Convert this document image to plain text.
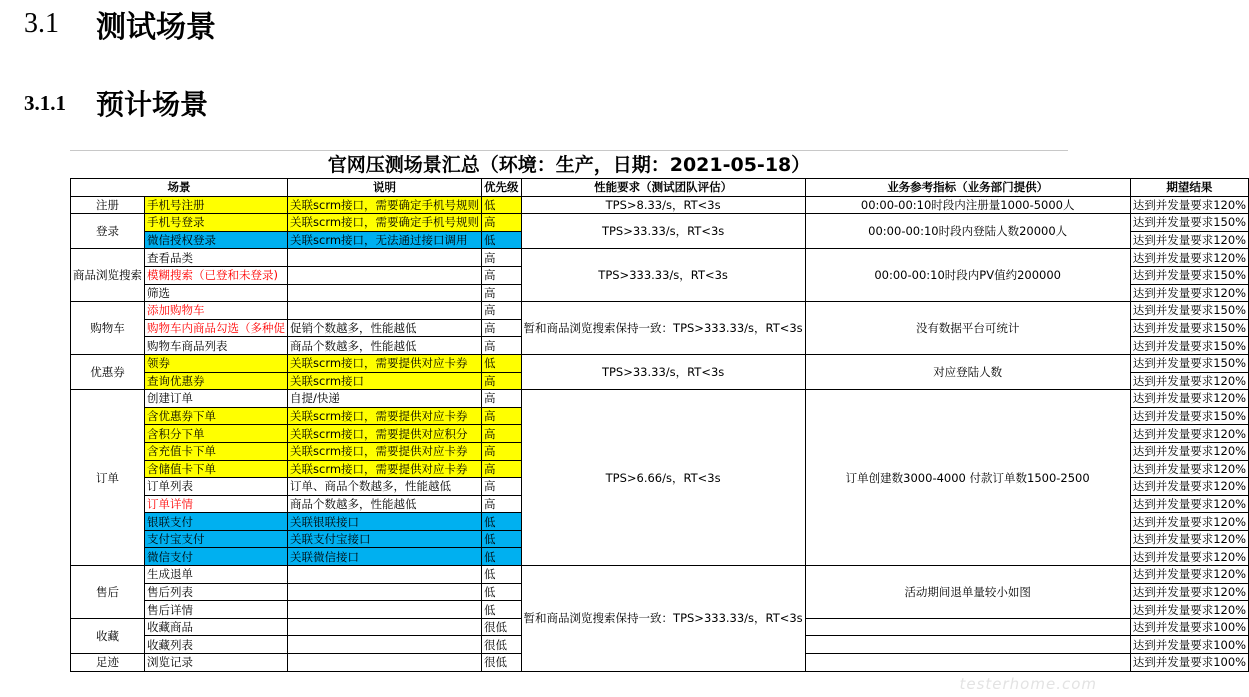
3.1	测试场景
3.1.1	预计场景
官网压测场景汇总（环境：生产，日期：2021-05-18）
场景		说明	优先级	性能要求（测试团队评估）	业务参考指标（业务部门提供）	期望结果
注册	手机号注册	关联scrm接口，需要确定手机号规则	低	TPS>8.33/s，RT<3s	00:00-00:10时段内注册量1000-5000人	达到并发量要求120%
登录	手机号登录	关联scrm接口，需要确定手机号规则	高	TPS>33.33/s，RT<3s	00:00-00:10时段内登陆人数20000人	达到并发量要求150%
	微信授权登录	关联scrm接口，无法通过接口调用	低			达到并发量要求120%
商品浏览搜索	查看品类		高	TPS>333.33/s，RT<3s	00:00-00:10时段内PV值约200000	达到并发量要求120%
	模糊搜索（已登和未登录)		高			达到并发量要求150%
	筛选		高			达到并发量要求120%
购物车	添加购物车		高	暂和商品浏览搜索保持一致：TPS>333.33/s，RT<3s	没有数据平台可统计	达到并发量要求150%
	购物车内商品勾选（多种促	促销个数越多，性能越低	高			达到并发量要求150%
	购物车商品列表	商品个数越多，性能越低	高			达到并发量要求150%
优惠券	领券	关联scrm接口，需要提供对应卡券	低	TPS>33.33/s，RT<3s	对应登陆人数	达到并发量要求150%
	查询优惠券	关联scrm接口	高			达到并发量要求120%
订单	创建订单	自提/快递	高	TPS>6.66/s，RT<3s	订单创建数3000-4000 付款订单数1500-2500	达到并发量要求120%
	含优惠券下单	关联scrm接口，需要提供对应卡券	高			达到并发量要求150%
	含积分下单	关联scrm接口，需要提供对应积分	高			达到并发量要求120%
	含充值卡下单	关联scrm接口，需要提供对应卡券	高			达到并发量要求120%
	含储值卡下单	关联scrm接口，需要提供对应卡券	高			达到并发量要求120%
	订单列表	订单、商品个数越多，性能越低	高			达到并发量要求120%
	订单详情	商品个数越多，性能越低	高			达到并发量要求120%
	银联支付	关联银联接口	低			达到并发量要求120%
	支付宝支付	关联支付宝接口	低			达到并发量要求120%
	微信支付	关联微信接口	低			达到并发量要求120%
售后	生成退单		低	暂和商品浏览搜索保持一致：TPS>333.33/s，RT<3s	活动期间退单量较小如图	达到并发量要求120%
	售后列表		低			达到并发量要求120%
	售后详情		低			达到并发量要求120%
收藏	收藏商品		很低			达到并发量要求100%
	收藏列表		很低			达到并发量要求100%
足迹	浏览记录		很低			达到并发量要求100%
testerhome.com
